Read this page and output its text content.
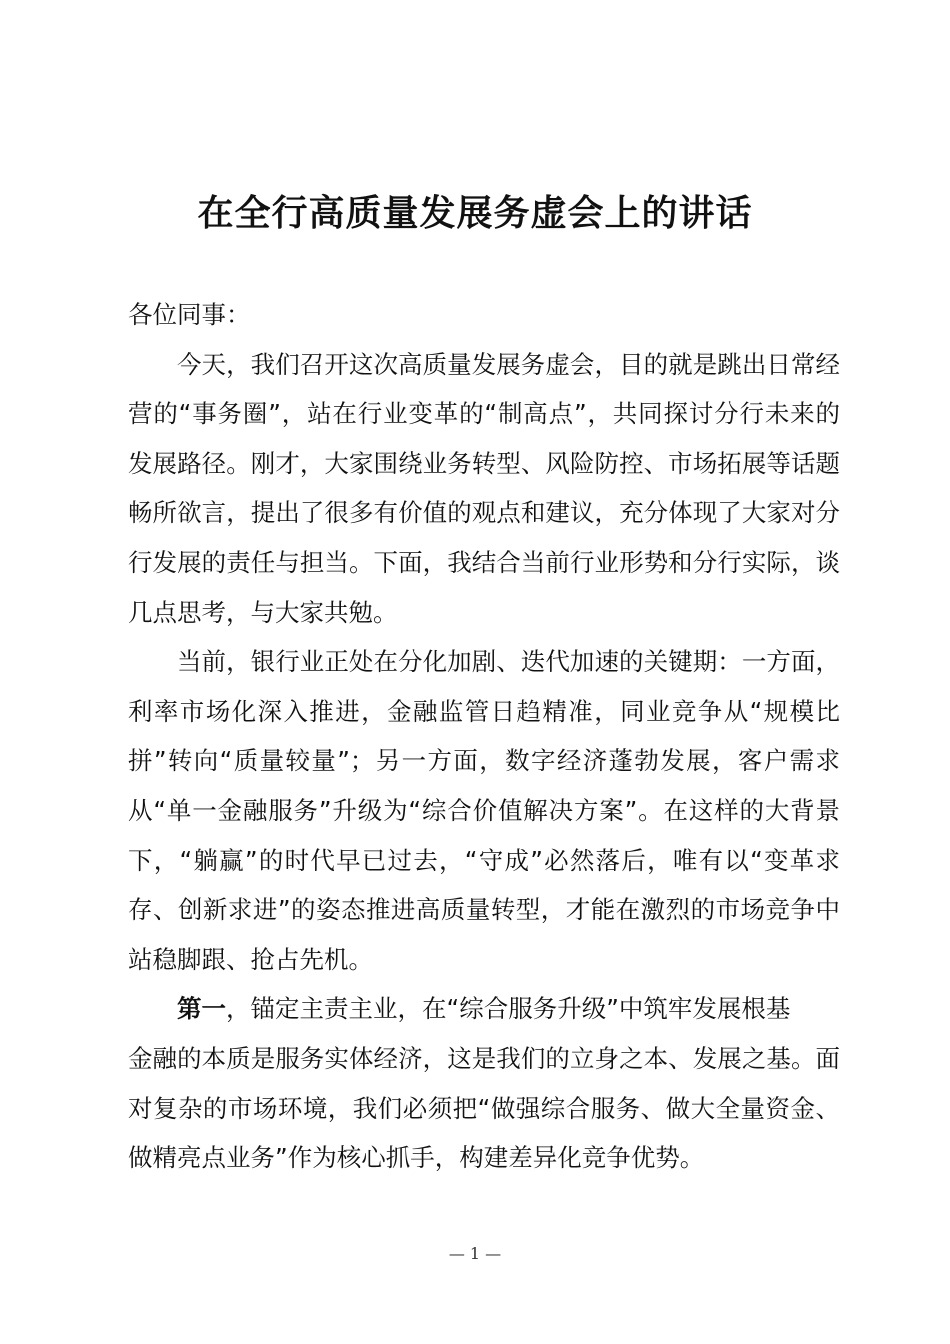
在全行高质量发展务虚会上的讲话

各位同事：

今天，我们召开这次高质量发展务虚会，目的就是跳出日常经营的“事务圈”，站在行业变革的“制高点”，共同探讨分行未来的发展路径。刚才，大家围绕业务转型、风险防控、市场拓展等话题畅所欲言，提出了很多有价值的观点和建议，充分体现了大家对分行发展的责任与担当。下面，我结合当前行业形势和分行实际，谈几点思考，与大家共勉。

当前，银行业正处在分化加剧、迭代加速的关键期：一方面，利率市场化深入推进，金融监管日趋精准，同业竞争从“规模比拼”转向“质量较量”；另一方面，数字经济蓬勃发展，客户需求从“单一金融服务”升级为“综合价值解决方案”。在这样的大背景下，“躺赢”的时代早已过去，“守成”必然落后，唯有以“变革求存、创新求进”的姿态推进高质量转型，才能在激烈的市场竞争中站稳脚跟、抢占先机。

第一，锚定主责主业，在“综合服务升级”中筑牢发展根基

金融的本质是服务实体经济，这是我们的立身之本、发展之基。面对复杂的市场环境，我们必须把“做强综合服务、做大全量资金、做精亮点业务”作为核心抓手，构建差异化竞争优势。

— 1 —
